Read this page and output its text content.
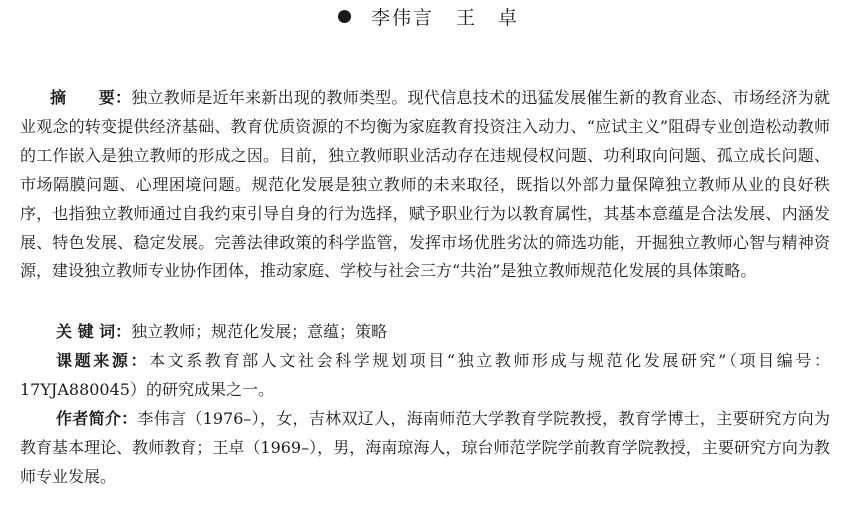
李伟言 王　卓
摘　　要：独立教师是近年来新出现的教师类型。现代信息技术的迅猛发展催生新的教育业态、市场经济为就业观念的转变提供经济基础、教育优质资源的不均衡为家庭教育投资注入动力、“应试主义”阻碍专业创造松动教师的工作嵌入是独立教师的形成之因。目前，独立教师职业活动存在违规侵权问题、功利取向问题、孤立成长问题、市场隔膜问题、心理困境问题。规范化发展是独立教师的未来取径，既指以外部力量保障独立教师从业的良好秩序，也指独立教师通过自我约束引导自身的行为选择，赋予职业行为以教育属性，其基本意蕴是合法发展、内涵发展、特色发展、稳定发展。完善法律政策的科学监管，发挥市场优胜劣汰的筛选功能，开掘独立教师心智与精神资源，建设独立教师专业协作团体，推动家庭、学校与社会三方“共治”是独立教师规范化发展的具体策略。
关 键 词：独立教师；规范化发展；意蕴；策略
课题来源：本文系教育部人文社会科学规划项目“独立教师形成与规范化发展研究”（项目编号：17YJA880045）的研究成果之一。
作者简介：李伟言（1976–），女，吉林双辽人，海南师范大学教育学院教授，教育学博士，主要研究方向为教育基本理论、教师教育；王卓（1969–），男，海南琼海人，琼台师范学院学前教育学院教授，主要研究方向为教师专业发展。
